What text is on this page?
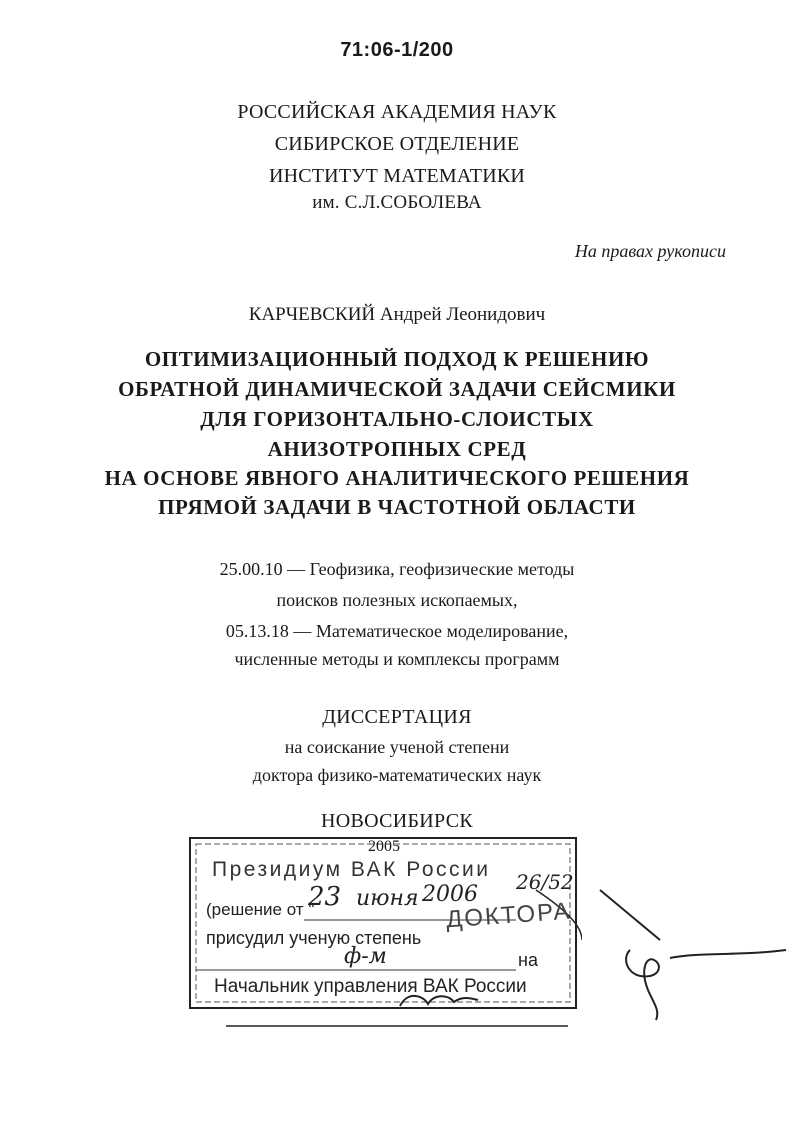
71:06-1/200
РОССИЙСКАЯ АКАДЕМИЯ НАУК
СИБИРСКОЕ ОТДЕЛЕНИЕ
ИНСТИТУТ МАТЕМАТИКИ
им. С.Л.СОБОЛЕВА
На правах рукописи
КАРЧЕВСКИЙ Андрей Леонидович
ОПТИМИЗАЦИОННЫЙ ПОДХОД К РЕШЕНИЮ
ОБРАТНОЙ ДИНАМИЧЕСКОЙ ЗАДАЧИ СЕЙСМИКИ
ДЛЯ ГОРИЗОНТАЛЬНО-СЛОИСТЫХ
АНИЗОТРОПНЫХ СРЕД
НА ОСНОВЕ ЯВНОГО АНАЛИТИЧЕСКОГО РЕШЕНИЯ
ПРЯМОЙ ЗАДАЧИ В ЧАСТОТНОЙ ОБЛАСТИ
25.00.10 — Геофизика, геофизические методы
поисков полезных ископаемых,
05.13.18 — Математическое моделирование,
численные методы и комплексы программ
ДИССЕРТАЦИЯ
на соискание ученой степени
доктора физико-математических наук
НОВОСИБИРСК
Президиум ВАК России
(решение от "
23 июня 2006 26/52
присудил ученую степень
ДОКТОРА
ф-м	на
Начальник управления ВАК России
2005
